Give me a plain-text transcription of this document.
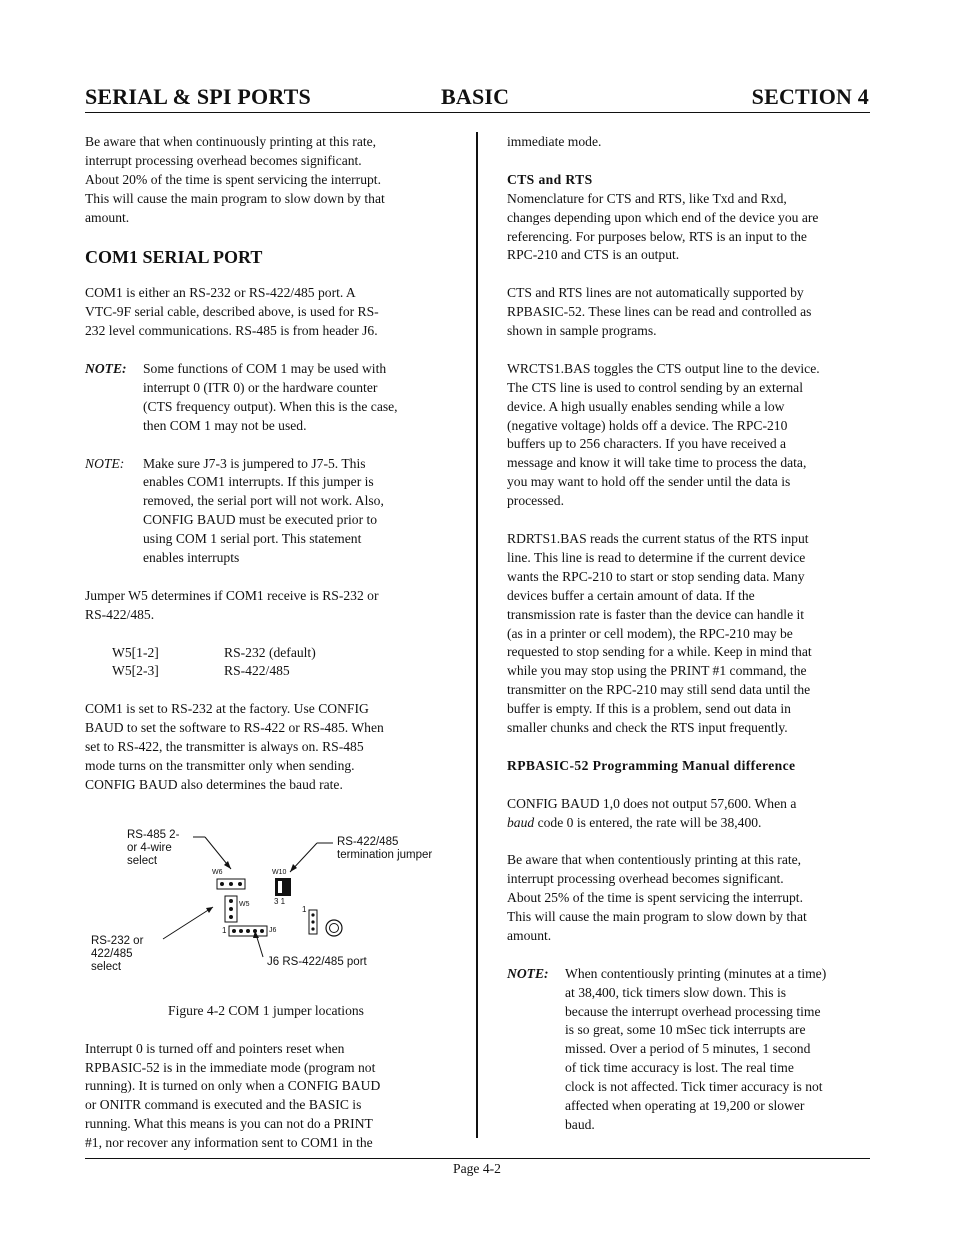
SERIAL & SPI PORTS	BASIC	SECTION 4

Be aware that when continuously printing at this rate,
interrupt processing overhead becomes significant.
About 20% of the time is spent servicing the interrupt.
This will cause the main program to slow down by that
amount.

COM1 SERIAL PORT

COM1 is either an RS-232 or RS-422/485 port. A
VTC-9F serial cable, described above, is used for RS-
232 level communications. RS-485 is from header J6.

NOTE:	Some functions of COM 1 may be used with
interrupt 0 (ITR 0) or the hardware counter
(CTS frequency output). When this is the case,
then COM 1 may not be used.
NOTE:	Make sure J7-3 is jumpered to J7-5. This
enables COM1 interrupts. If this jumper is
removed, the serial port will not work. Also,
CONFIG BAUD must be executed prior to
using COM 1 serial port. This statement
enables interrupts

Jumper W5 determines if COM1 receive is RS-232 or
RS-422/485.

W5[1-2]	RS-232 (default)
W5[2-3]	RS-422/485

COM1 is set to RS-232 at the factory. Use CONFIG
BAUD to set the software to RS-422 or RS-485. When
set to RS-422, the transmitter is always on. RS-485
mode turns on the transmitter only when sending.
CONFIG BAUD also determines the baud rate.

RS-485 2-
or 4-wire
select
RS-422/485
termination jumper
RS-232 or
422/485
select	J6 RS-422/485 port
W6	W10
3 1
W5
J6
1
1
Figure 4-2 COM 1 jumper locations

Interrupt 0 is turned off and pointers reset when
RPBASIC-52 is in the immediate mode (program not
running). It is turned on only when a CONFIG BAUD
or ONITR command is executed and the BASIC is
running. What this means is you can not do a PRINT
#1, nor recover any information sent to COM1 in the

immediate mode.

CTS and RTS
Nomenclature for CTS and RTS, like Txd and Rxd,
changes depending upon which end of the device you are
referencing. For purposes below, RTS is an input to the
RPC-210 and CTS is an output.

CTS and RTS lines are not automatically supported by
RPBASIC-52. These lines can be read and controlled as
shown in sample programs.

WRCTS1.BAS toggles the CTS output line to the device.
The CTS line is used to control sending by an external
device. A high usually enables sending while a low
(negative voltage) holds off a device. The RPC-210
buffers up to 256 characters. If you have received a
message and know it will take time to process the data,
you may want to hold off the sender until the data is
processed.

RDRTS1.BAS reads the current status of the RTS input
line. This line is read to determine if the current device
wants the RPC-210 to start or stop sending data. Many
devices buffer a certain amount of data. If the
transmission rate is faster than the device can handle it
(as in a printer or cell modem), the RPC-210 may be
requested to stop sending for a while. Keep in mind that
while you may stop using the PRINT #1 command, the
transmitter on the RPC-210 may still send data until the
buffer is empty. If this is a problem, send out data in
smaller chunks and check the RTS input frequently.

RPBASIC-52 Programming Manual difference

CONFIG BAUD 1,0 does not output 57,600. When a
baud code 0 is entered, the rate will be 38,400.

Be aware that when contentiously printing at this rate,
interrupt processing overhead becomes significant.
About 25% of the time is spent servicing the interrupt.
This will cause the main program to slow down by that
amount.

NOTE:	When contentiously printing (minutes at a time)
at 38,400, tick timers slow down. This is
because the interrupt overhead processing time
is so great, some 10 mSec tick interrupts are
missed. Over a period of 5 minutes, 1 second
of tick time accuracy is lost. The real time
clock is not affected. Tick timer accuracy is not
affected when operating at 19,200 or slower
baud.
Page 4-2
